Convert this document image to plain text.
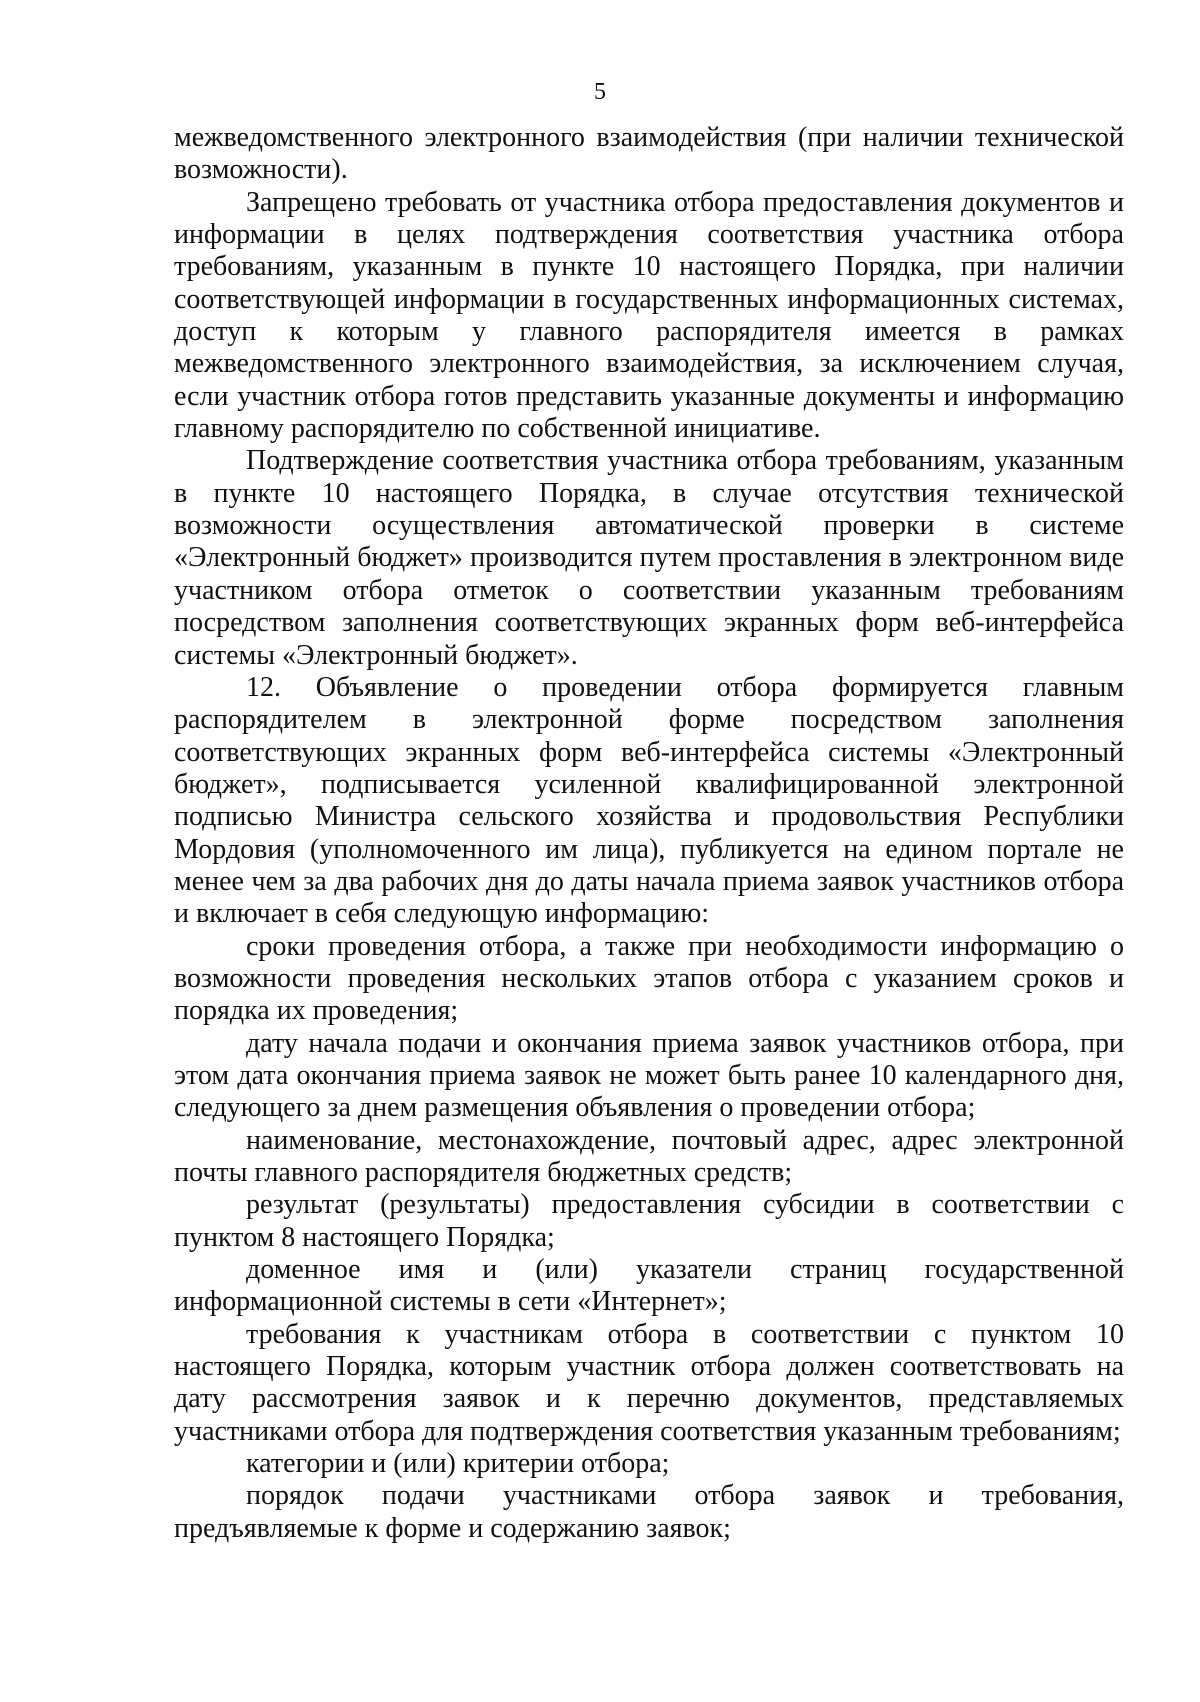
5

межведомственного электронного взаимодействия (при наличии технической возможности).

Запрещено требовать от участника отбора предоставления документов и информации в целях подтверждения соответствия участника отбора требованиям, указанным в пункте 10 настоящего Порядка, при наличии соответствующей информации в государственных информационных системах, доступ к которым у главного распорядителя имеется в рамках межведомственного электронного взаимодействия, за исключением случая, если участник отбора готов представить указанные документы и информацию главному распорядителю по собственной инициативе.

Подтверждение соответствия участника отбора требованиям, указанным в пункте 10 настоящего Порядка, в случае отсутствия технической возможности осуществления автоматической проверки в системе «Электронный бюджет» производится путем проставления в электронном виде участником отбора отметок о соответствии указанным требованиям посредством заполнения соответствующих экранных форм веб-интерфейса системы «Электронный бюджет».

12. Объявление о проведении отбора формируется главным распорядителем в электронной форме посредством заполнения соответствующих экранных форм веб-интерфейса системы «Электронный бюджет», подписывается усиленной квалифицированной электронной подписью Министра сельского хозяйства и продовольствия Республики Мордовия (уполномоченного им лица), публикуется на едином портале не менее чем за два рабочих дня до даты начала приема заявок участников отбора и включает в себя следующую информацию:

сроки проведения отбора, а также при необходимости информацию о возможности проведения нескольких этапов отбора с указанием сроков и порядка их проведения;

дату начала подачи и окончания приема заявок участников отбора, при этом дата окончания приема заявок не может быть ранее 10 календарного дня, следующего за днем размещения объявления о проведении отбора;

наименование, местонахождение, почтовый адрес, адрес электронной почты главного распорядителя бюджетных средств;

результат (результаты) предоставления субсидии в соответствии с пунктом 8 настоящего Порядка;

доменное имя и (или) указатели страниц государственной информационной системы в сети «Интернет»;

требования к участникам отбора в соответствии с пунктом 10 настоящего Порядка, которым участник отбора должен соответствовать на дату рассмотрения заявок и к перечню документов, представляемых участниками отбора для подтверждения соответствия указанным требованиям;

категории и (или) критерии отбора;

порядок подачи участниками отбора заявок и требования, предъявляемые к форме и содержанию заявок;
